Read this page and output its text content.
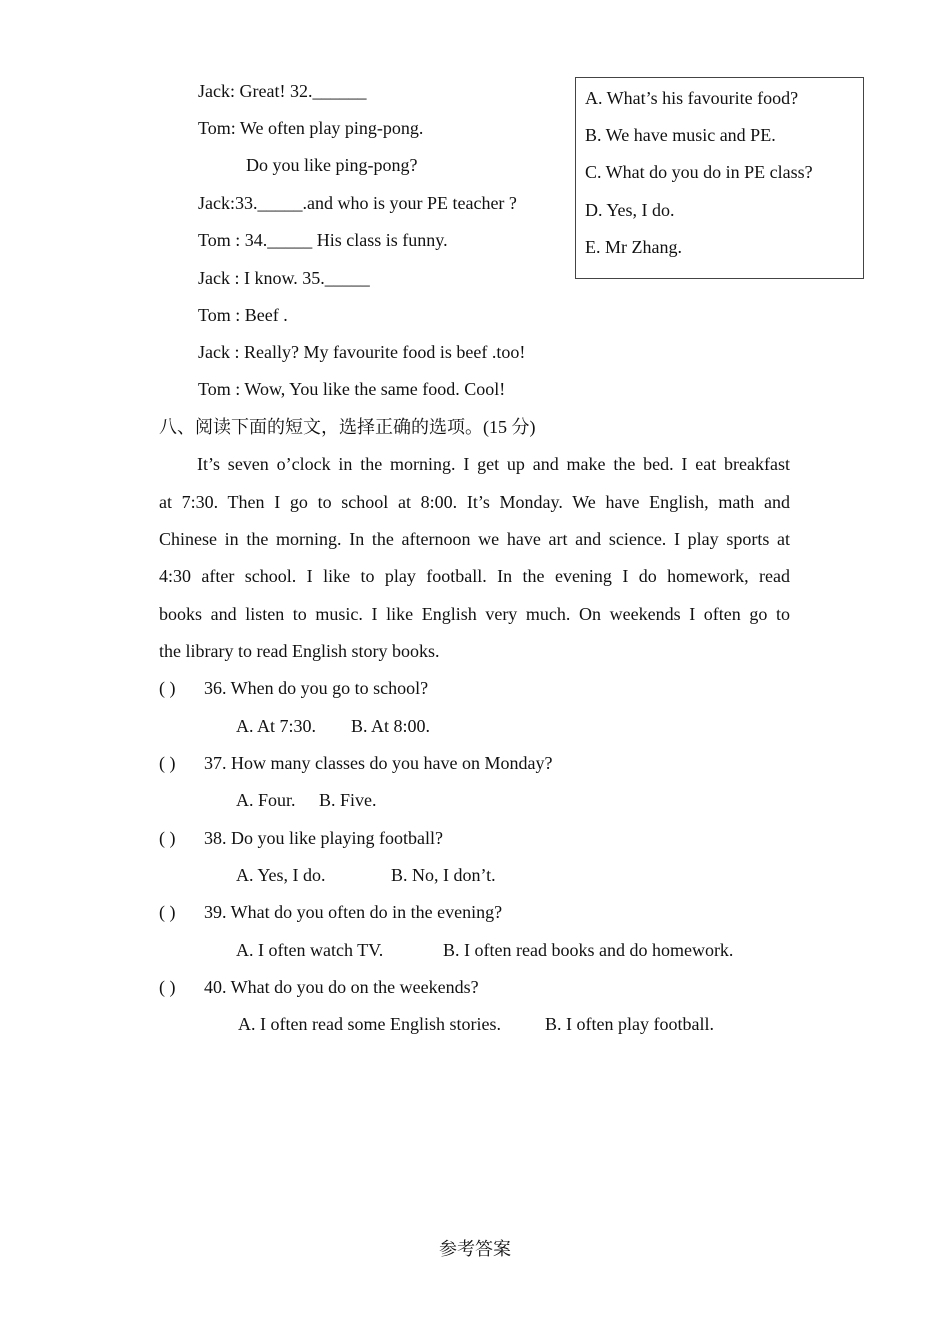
Jack: Great! 32.______
Tom: We often play ping-pong.
Do you like ping-pong?
Jack:33._____.and who is your PE teacher ?
Tom : 34._____ His class is funny.
Jack : I know. 35._____
Tom : Beef .
Jack : Really? My favourite food is beef .too!
Tom : Wow, You like the same food. Cool!
A. What’s his favourite food?
B. We have music and PE.
C. What do you do in PE class?
D. Yes, I do.
E. Mr Zhang.
八、阅读下面的短文，选择正确的选项。(15 分)
It’s seven o’clock in the morning. I get up and make the bed. I eat breakfast
at 7:30. Then I go to school at 8:00. It’s Monday. We have English, math and
Chinese in the morning. In the afternoon we have art and science. I play sports at
4:30 after school. I like to play football. In the evening I do homework, read
books and listen to music. I like English very much. On weekends I often go to
the library to read English story books.
( ) 36. When do you go to school?
A. At 7:30. B. At 8:00.
( ) 37. How many classes do you have on Monday?
A. Four. B. Five.
( ) 38. Do you like playing football?
A. Yes, I do.	B. No, I don’t.
( ) 39. What do you often do in the evening?
A. I often watch TV.	B. I often read books and do homework.
( ) 40. What do you do on the weekends?
A. I often read some English stories. B. I often play football.
参考答案
